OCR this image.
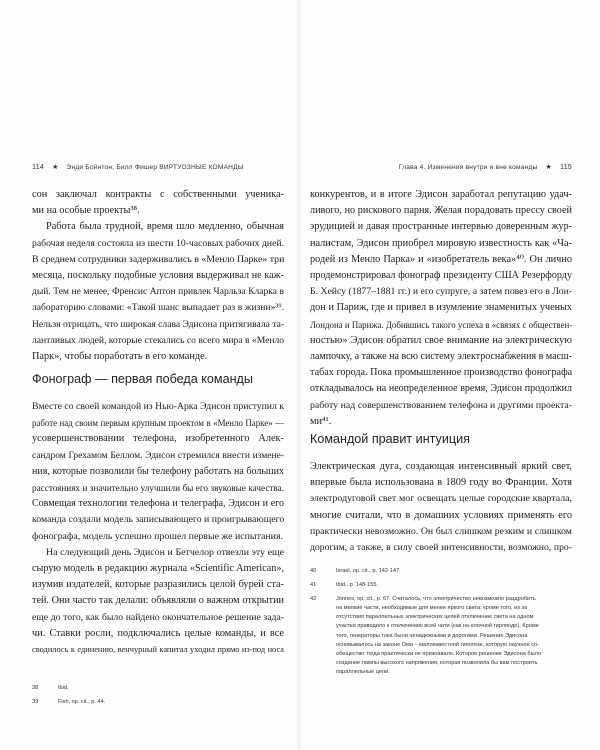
114 ★ Энди Бойнтон, Билл Фишер ВИРТУОЗНЫЕ КОМАНДЫ
сон заключал контракты с собственными ученика-
ми на особые проекты³⁸.
Работа была трудной, время шло медленно, обычная
рабочая неделя состояла из шести 10-часовых рабочих дней.
В среднем сотрудники задерживались в «Менло Парке» три
месяца, поскольку подобные условия выдерживал не каж-
дый. Тем не менее, Френсис Аптон привлек Чарльза Кларка в
лабораторию словами: «Такой шанс выпадает раз в жизни»³⁹.
Нельзя отрицать, что широкая слава Эдисона притягивала та-
лантливых людей, которые стекались со всего мира в «Менло
Парк», чтобы поработать в его команде.
Фонограф — первая победа команды
Вместе со своей командой из Нью-Арка Эдисон приступил к
работе над своим первым крупным проектом в «Менло Парке» —
усовершенствовании телефона, изобретенного Алек-
сандром Грехамом Беллом. Эдисон стремился внести измене-
ния, которые позволили бы телефону работать на больших
расстояниях и значительно улучшили бы его звуковые качества.
Совмещая технологии телефона и телеграфа, Эдисон и его
команда создали модель записывающего и проигрывающего
фонографа, модель успешно прошел первые же испытания.
На следующий день Эдисон и Бетчелор отвезли эту еще
сырую модель в редакцию журнала «Scientific American»,
изумив издателей, которые разразились целой бурей ста-
тей. Они часто так делали: объявляли о важном открытии
еще до того, как было найдено окончательное решение зада-
чи. Ставки росли, подключались целые команды, и все
сводилось к единению, венчурный капитал уходил прямо из-под носа
38	Ibid.
39	Fish, op. cit., p. 44.
Глава 4. Изменения внутри и вне команды ★ 115
конкурентов, и в итоге Эдисон заработал репутацию удач-
ливого, но рискового парня. Желая порадовать прессу своей
эрудицией и давая пространные интервью доверенным жур-
налистам, Эдисон приобрел мировую известность как «Ча-
родей из Менло Парка» и «изобретатель века»⁴⁰. Он лично
продемонстрировал фонограф президенту США Резерфорду
Б. Хейсу (1877–1881 гг.) и его супруге, а затем повез его в Лон-
дон и Париж, где и привел в изумление знаменитых ученых
Лондона и Парижа. Добившись такого успеха в «связях с обществен-
ностью» Эдисон обратил свое внимание на электрическую
лампочку, а также на всю систему электроснабжения в масш-
табах города. Пока промышленное производство фонографа
откладывалось на неопределенное время, Эдисон продолжил
работу над совершенствованием телефона и другими проекта-
ми⁴¹.
Командой правит интуиция
Электрическая дуга, создающая интенсивный яркий свет,
впервые была использована в 1809 году во Франции. Хотя
электродуговой свет мог освещать целые городские квартала,
многие считали, что в домашних условиях применять его
практически невозможно. Он был слишком резким и слишком
дорогим, а также, в силу своей интенсивности, возможно, про-
40	Israel, op. cit., p. 142-147.
41	Ibid., p. 148-155.
42	Jonnes, op. cit., p. 67. Считалось, что электричество невозможно раздробить
на мелкие части, необходимые для менее яркого света; кроме того, из за
отсутствия параллельных электрических цепей отключение света на одном
участке приводило к отключению всей нити (как на елочной гирлянде). Кроме
того, генераторы тока были ненадежными и дорогими. Решение Эдисона
основывалось на законе Ома – малоизвестной гипотезе, которую научное со-
обещество тогда практически не признавало. Которое решение Эдисона было
создание лампы высокого напряжения, которая позволила бы вам построить
параллельные цепи.
